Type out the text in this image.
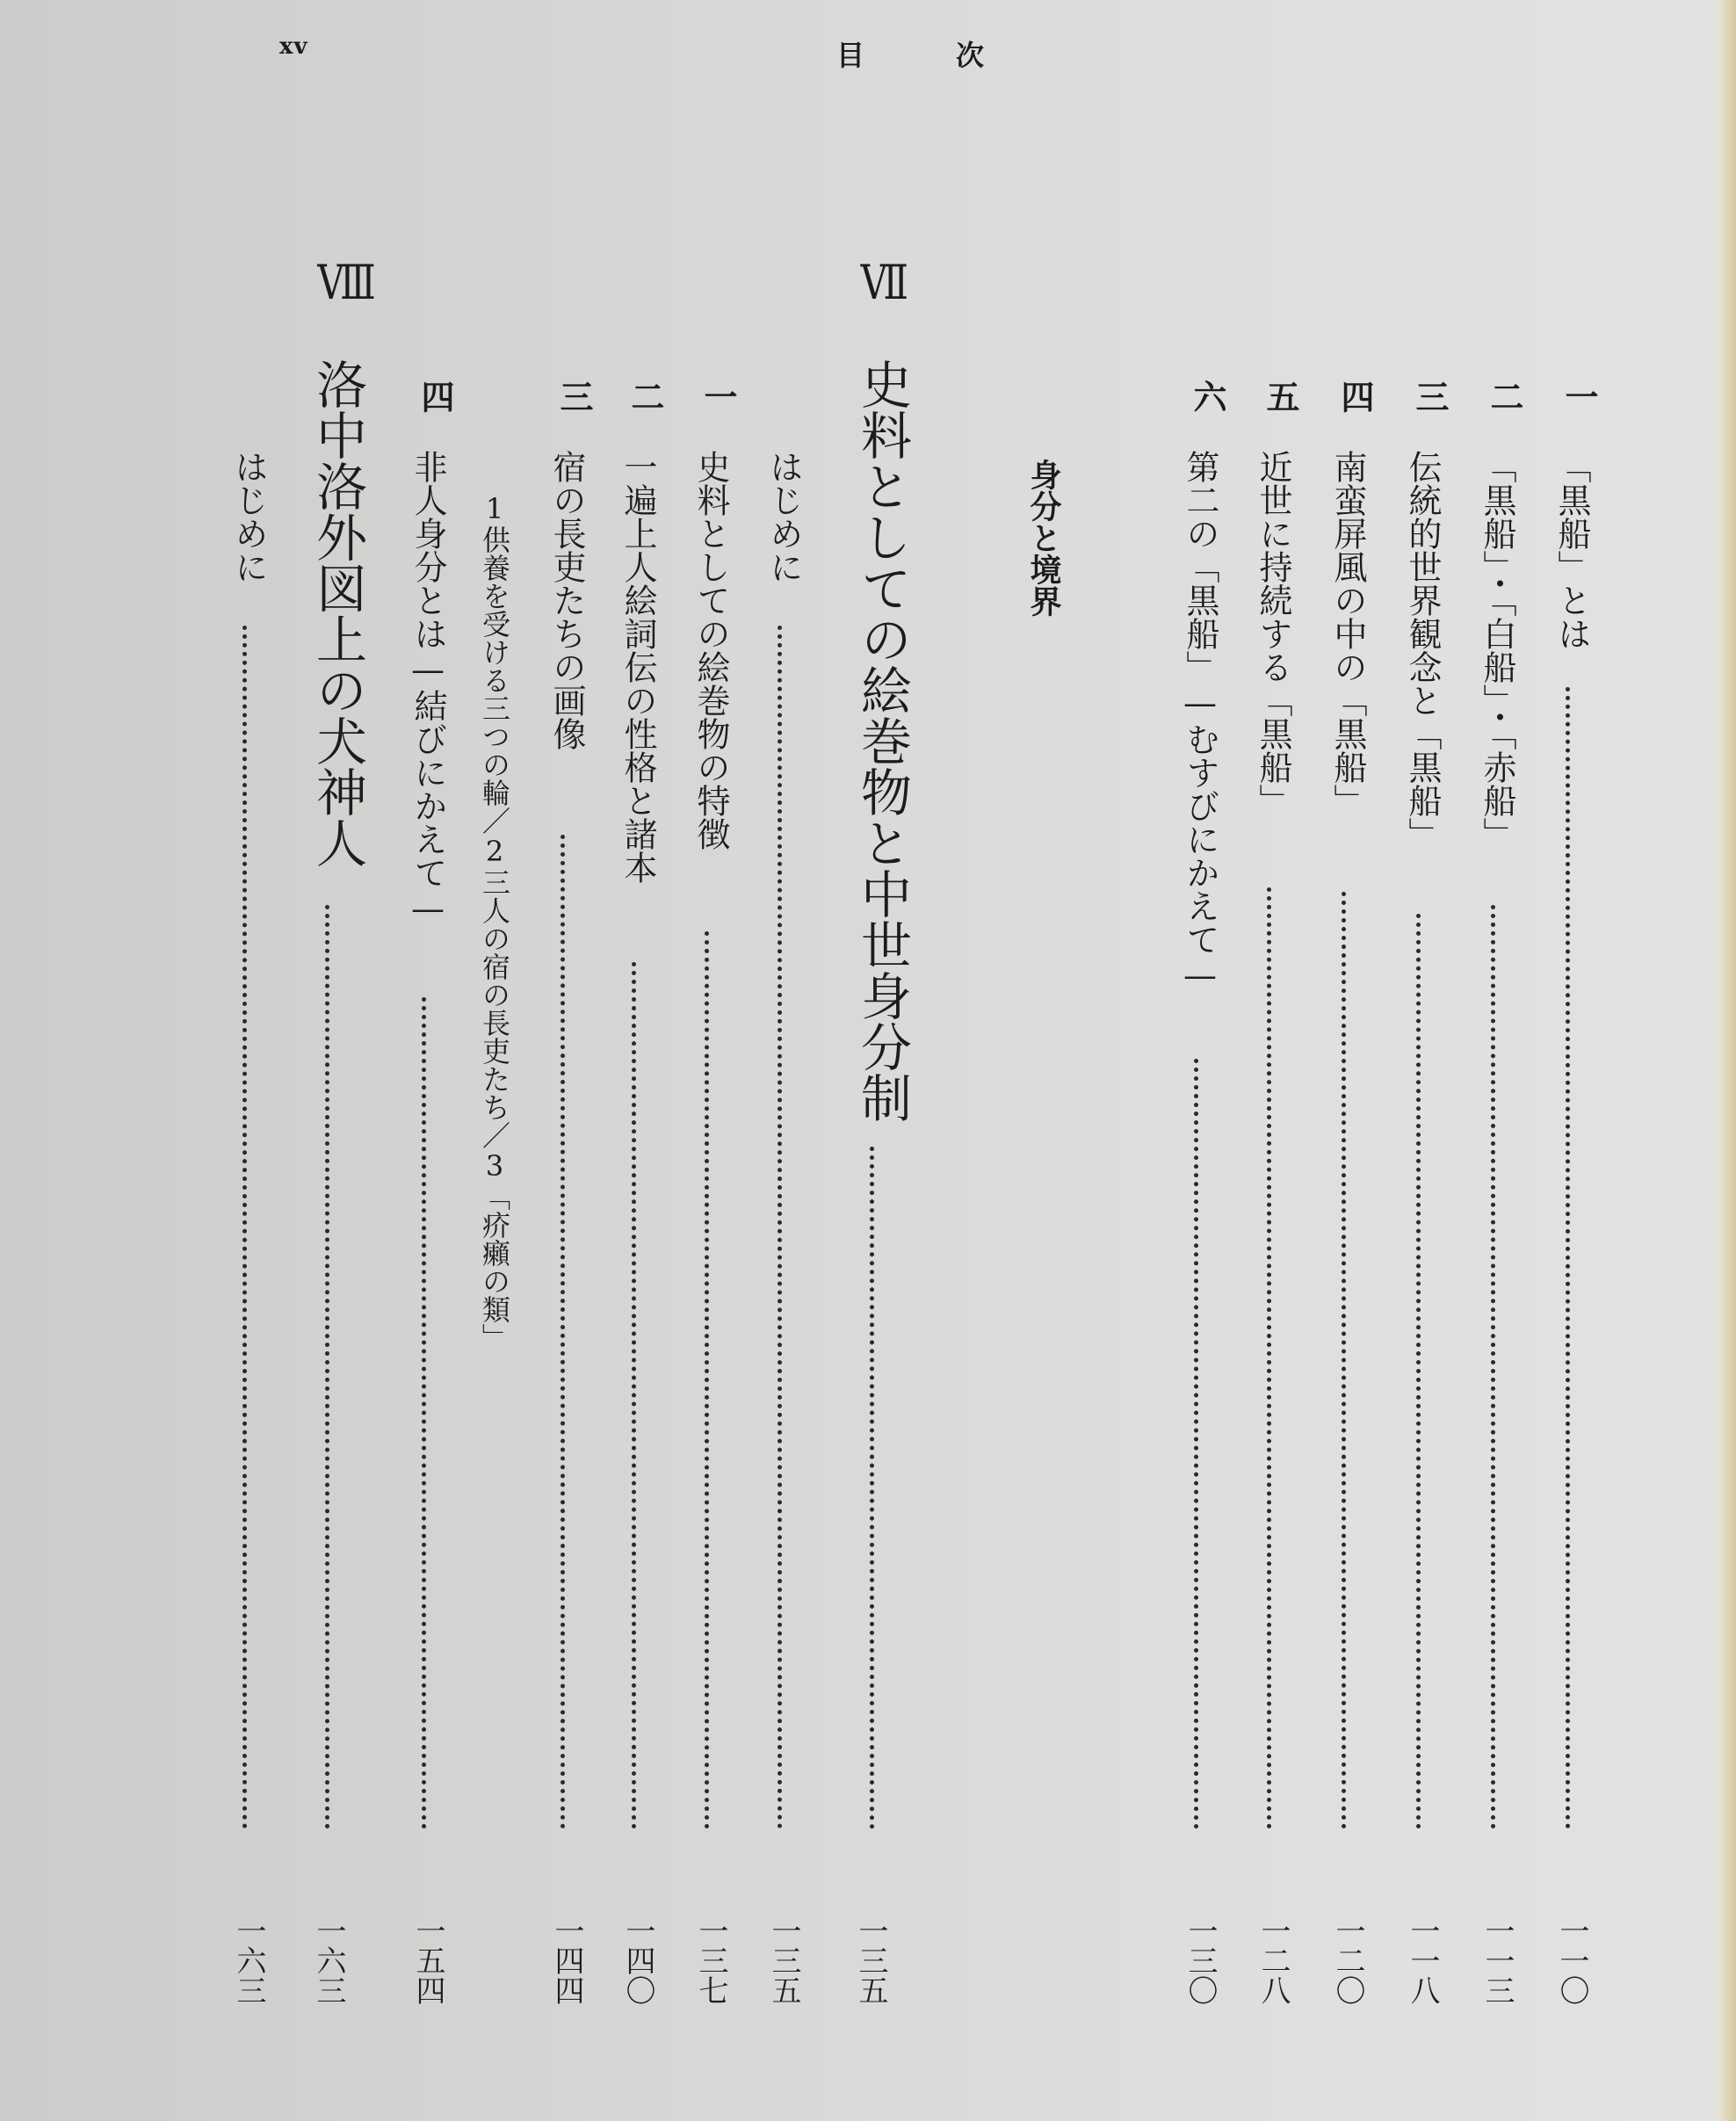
xv	目	次
一
「黒船」とは
一一〇
二
「黒船」・「白船」・「赤船」
一一三
三
伝統的世界観念と「黒船」
一一八
四
南蛮屏風の中の「黒船」
一二〇
五
近世に持続する「黒船」
一二八
六
第二の「黒船」—むすびにかえて—
一三〇
身分と境界
Ⅶ
史料としての絵巻物と中世身分制
一三五
はじめに
一三五
一
史料としての絵巻物の特徴
一三七
二
一遍上人絵詞伝の性格と諸本
一四〇
三
宿の長吏たちの画像
一四四
1供養を受ける三つの輪／2三人の宿の長吏たち／3「疥癩の類」
四
非人身分とは—結びにかえて—
一五四
Ⅷ
洛中洛外図上の犬神人
一六三
はじめに
一六三
